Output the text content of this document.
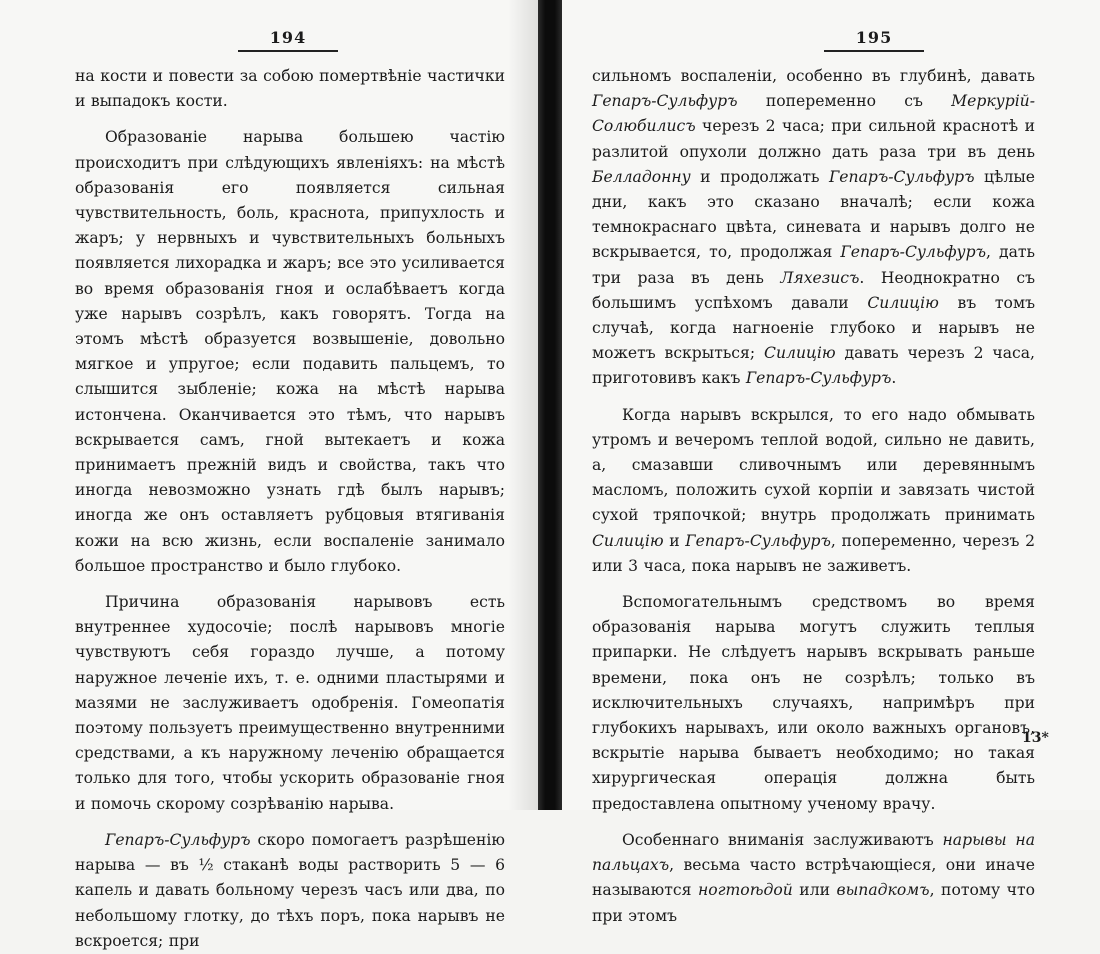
194

на кости и повести за собою помертвѣніе частички и выпадокъ кости.

Образованіе нарыва большею частію происходитъ при слѣдующихъ явленіяхъ: на мѣстѣ образованія его появляется сильная чувствительность, боль, краснота, припухлость и жаръ; у нервныхъ и чувствительныхъ больныхъ появляется лихорадка и жаръ; все это усиливается во время образованія гноя и ослабѣваетъ когда уже нарывъ созрѣлъ, какъ говорятъ. Тогда на этомъ мѣстѣ образуется возвышеніе, довольно мягкое и упругое; если подавить пальцемъ, то слышится зыбленіе; кожа на мѣстѣ нарыва истончена. Оканчивается это тѣмъ, что нарывъ вскрывается самъ, гной вытекаетъ и кожа принимаетъ прежній видъ и свойства, такъ что иногда невозможно узнать гдѣ былъ нарывъ; иногда же онъ оставляетъ рубцовыя втягиванія кожи на всю жизнь, если воспаленіе занимало большое пространство и было глубоко.

Причина образованія нарывовъ есть внутреннее худосочіе; послѣ нарывовъ многіе чувствуютъ себя гораздо лучше, а потому наружное леченіе ихъ, т. е. одними пластырями и мазями не заслуживаетъ одобренія. Гомеопатія поэтому пользуетъ преимущественно внутренними средствами, а къ наружному леченію обращается только для того, чтобы ускорить образованіе гноя и помочь скорому созрѣванію нарыва.

Гепаръ-Сульфуръ скоро помогаетъ разрѣшенію нарыва — въ ½ стаканѣ воды растворить 5 — 6 капель и давать больному черезъ часъ или два, по небольшому глотку, до тѣхъ поръ, пока нарывъ не вскроется; при

195

сильномъ воспаленіи, особенно въ глубинѣ, давать Гепаръ-Сульфуръ попеременно съ Меркурій-Солюбилисъ черезъ 2 часа; при сильной краснотѣ и разлитой опухоли должно дать раза три въ день Белладонну и продолжать Гепаръ-Сульфуръ цѣлые дни, какъ это сказано вначалѣ; если кожа темнокраснаго цвѣта, синевата и нарывъ долго не вскрывается, то, продолжая Гепаръ-Сульфуръ, дать три раза въ день Ляхезисъ. Неоднократно съ большимъ успѣхомъ давали Силицію въ томъ случаѣ, когда нагноеніе глубоко и нарывъ не можетъ вскрыться; Силицію давать черезъ 2 часа, приготовивъ какъ Гепаръ-Сульфуръ.

Когда нарывъ вскрылся, то его надо обмывать утромъ и вечеромъ теплой водой, сильно не давить, а, смазавши сливочнымъ или деревяннымъ масломъ, положить сухой корпіи и завязать чистой сухой тряпочкой; внутрь продолжать принимать Силицію и Гепаръ-Сульфуръ, попеременно, черезъ 2 или 3 часа, пока нарывъ не заживетъ.

Вспомогательнымъ средствомъ во время образованія нарыва могутъ служить теплыя припарки. Не слѣдуетъ нарывъ вскрывать раньше времени, пока онъ не созрѣлъ; только въ исключительныхъ случаяхъ, напримѣръ при глубокихъ нарывахъ, или около важныхъ органовъ, вскрытіе нарыва бываетъ необходимо; но такая хирургическая операція должна быть предоставлена опытному ученому врачу.

Особеннаго вниманія заслуживаютъ нарывы на пальцахъ, весьма часто встрѣчающіеся, они иначе называются ногтоѣдой или выпадкомъ, потому что при этомъ

13*
